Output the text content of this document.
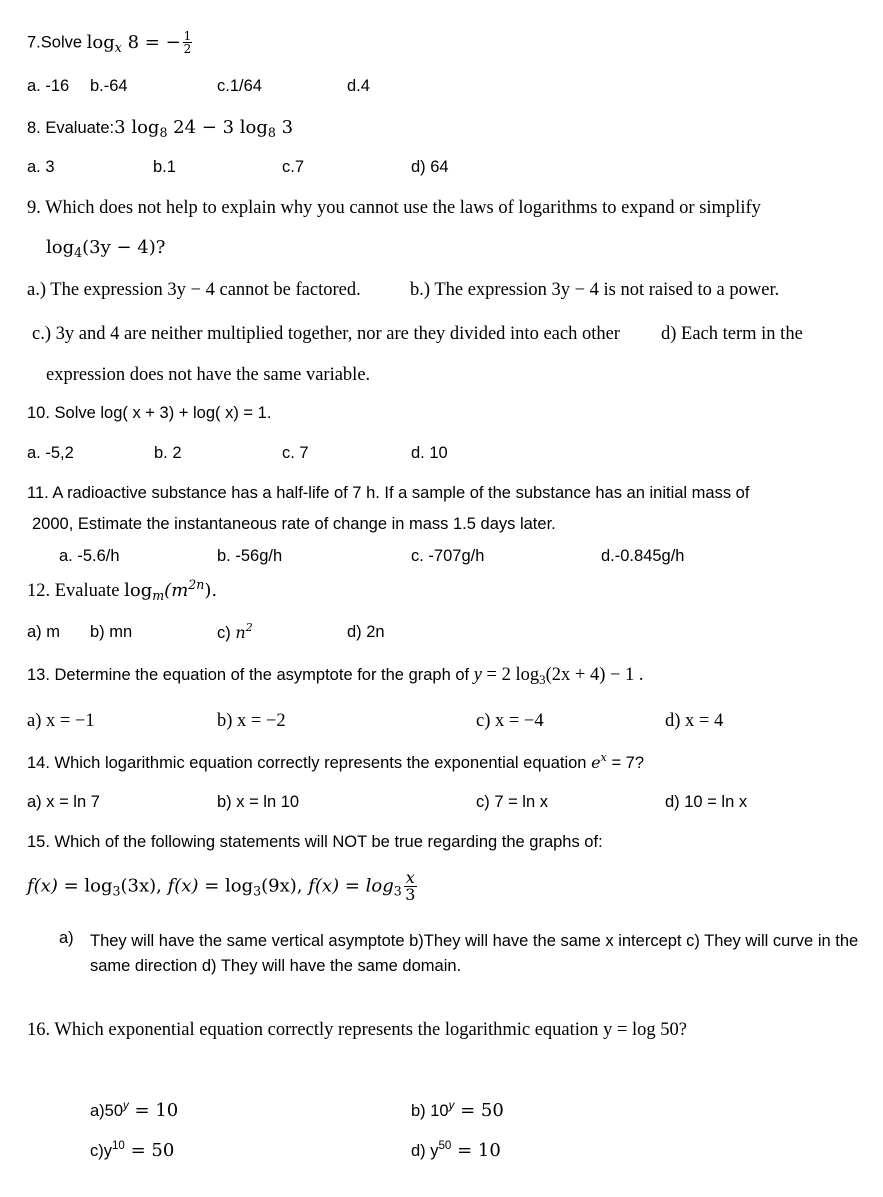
7.Solve $\log_x 8$ = − $\frac{1}{2}$
a. -16 b.-64	c.1/64	d.4
8. Evaluate:3 $\log_8 24 - 3$ $\log_8 3$
a. 3	b.1	c.7	d) 64
9. Which does not help to explain why you cannot use the laws of logarithms to expand or simplify
$\log_4(3y - 4)$?
a.) The expression 3y − 4 cannot be factored.	b.) The expression 3y − 4 is not raised to a power.
c.) 3y and 4 are neither multiplied together, nor are they divided into each other d) Each term in the
expression does not have the same variable.
10. Solve log( x + 3) + log( x) = 1.
a. -5,2	b. 2	c. 7	d. 10
11. A radioactive substance has a half-life of 7 h. If a sample of the substance has an initial mass of
2000, Estimate the instantaneous rate of change in mass 1.5 days later.
a. -5.6/h	b. -56g/h	c. -707g/h	d.-0.845g/h
12. Evaluate $\log_m(m^{2n})$.
a) m b) mn	c) $n^2$	d) 2n
13. Determine the equation of the asymptote for the graph of y = 2 $\log_3(2x + 4) - 1$ .
a) x = −1	b) x = −2	c) x = −4	d) x = 4
14. Which logarithmic equation correctly represents the exponential equation $e^x = 7$?
a) x = ln 7	b) x = ln 10	c) 7 = ln x	d) 10 = ln x
15. Which of the following statements will NOT be true regarding the graphs of:
$f(x) = \log_3(3x)$, $f(x) = \log_3(9x)$, $f(x) = \log_3 \frac{x}{3}$
a) They will have the same vertical asymptote b)They will have the same x intercept c) They will curve in the same direction d) They will have the same domain.
16. Which exponential equation correctly represents the logarithmic equation y = log 50?
$a)50^y = 10$	b) $10^y = 50$
$c)y^{10} = 50$	d) $y^{50} = 10$
